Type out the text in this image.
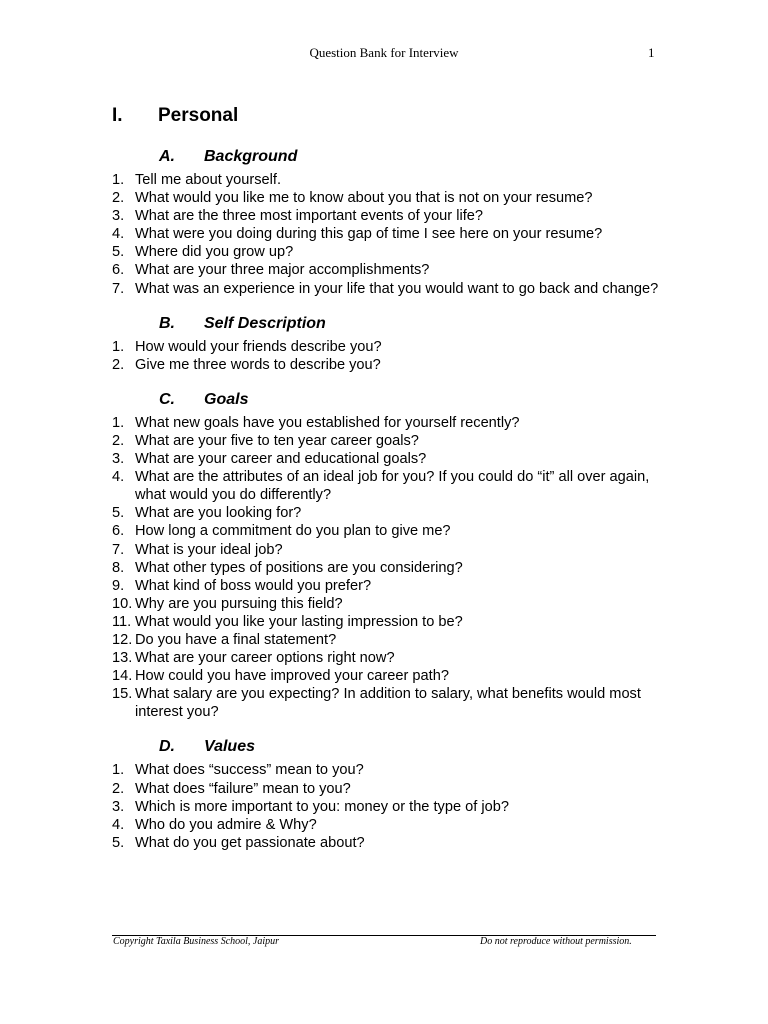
Question Bank for Interview	1
I.	Personal
A.	Background
1. Tell me about yourself.
2. What would you like me to know about you that is not on your resume?
3. What are the three most important events of your life?
4. What were you doing during this gap of time I see here on your resume?
5. Where did you grow up?
6. What are your three major accomplishments?
7. What was an experience in your life that you would want to go back and change?
B.	Self Description
1. How would your friends describe you?
2. Give me three words to describe you?
C.	Goals
1. What new goals have you established for yourself recently?
2. What are your five to ten year career goals?
3. What are your career and educational goals?
4. What are the attributes of an ideal job for you? If you could do “it” all over again, what would you do differently?
5. What are you looking for?
6. How long a commitment do you plan to give me?
7. What is your ideal job?
8. What other types of positions are you considering?
9. What kind of boss would you prefer?
10. Why are you pursuing this field?
11. What would you like your lasting impression to be?
12. Do you have a final statement?
13. What are your career options right now?
14. How could you have improved your career path?
15. What salary are you expecting? In addition to salary, what benefits would most interest you?
D.	Values
1. What does “success” mean to you?
2. What does “failure” mean to you?
3. Which is more important to you: money or the type of job?
4. Who do you admire & Why?
5. What do you get passionate about?
Copyright Taxila Business School, Jaipur	Do not reproduce without permission.
